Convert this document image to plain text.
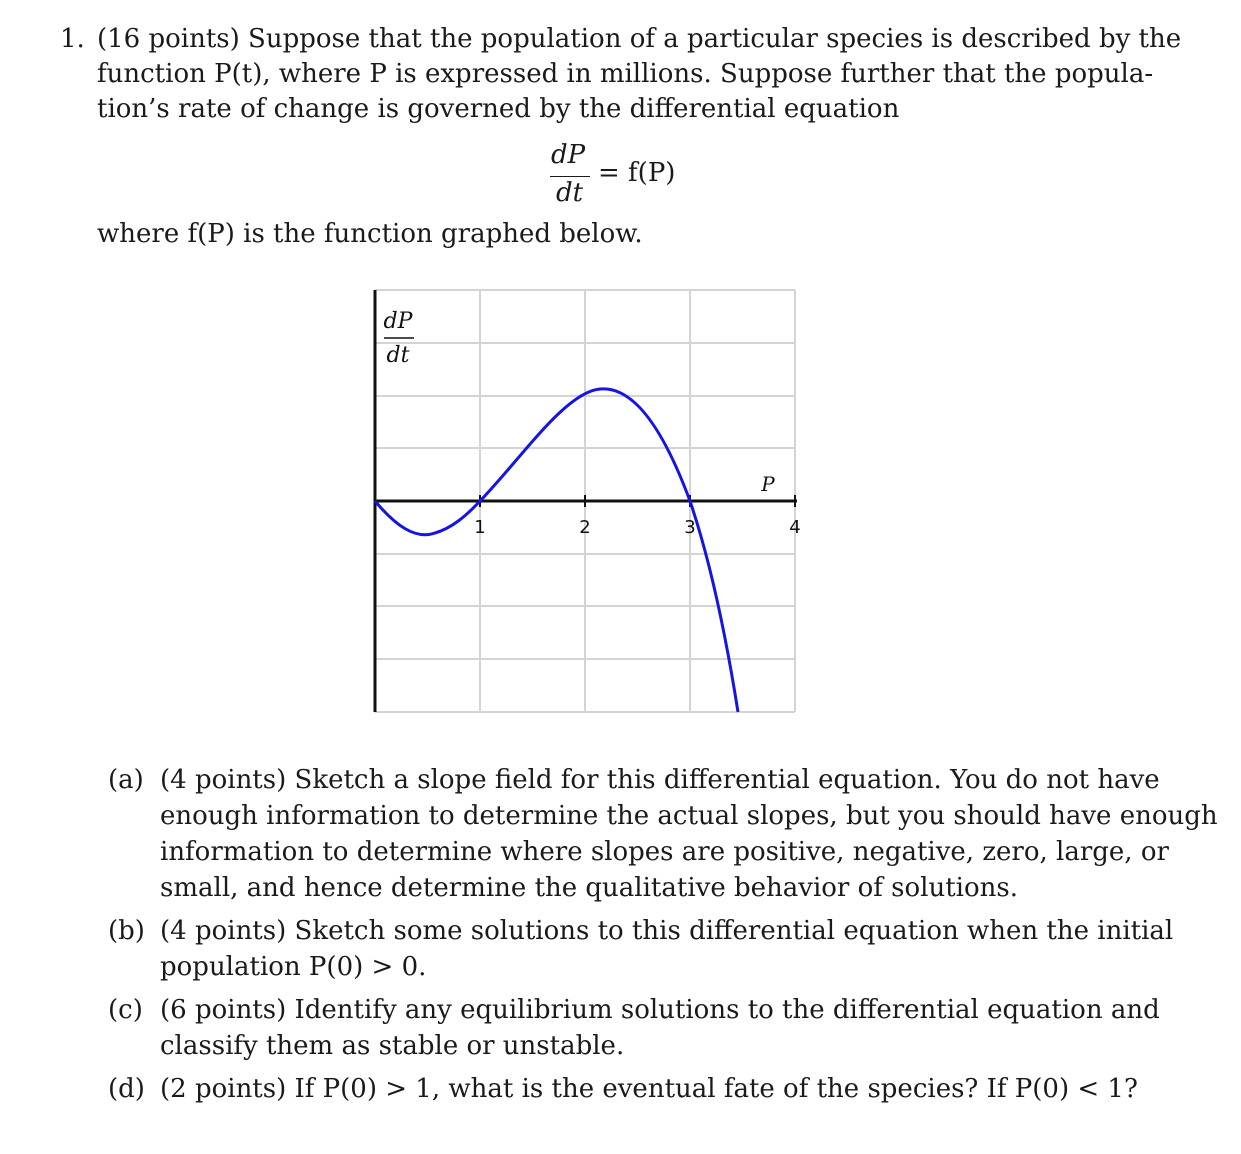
1. (16 points) Suppose that the population of a particular species is described by the
function P(t), where P is expressed in millions. Suppose further that the popula-
tion’s rate of change is governed by the differential equation
dP
dt
= f(P)
where f(P) is the function graphed below.
1	2	3	4
P
dP
dt
(a) (4 points) Sketch a slope field for this differential equation. You do not have
enough information to determine the actual slopes, but you should have enough
information to determine where slopes are positive, negative, zero, large, or
small, and hence determine the qualitative behavior of solutions.
(b) (4 points) Sketch some solutions to this differential equation when the initial
population P(0) > 0.
(c) (6 points) Identify any equilibrium solutions to the differential equation and
classify them as stable or unstable.
(d) (2 points) If P(0) > 1, what is the eventual fate of the species? If P(0) < 1?
